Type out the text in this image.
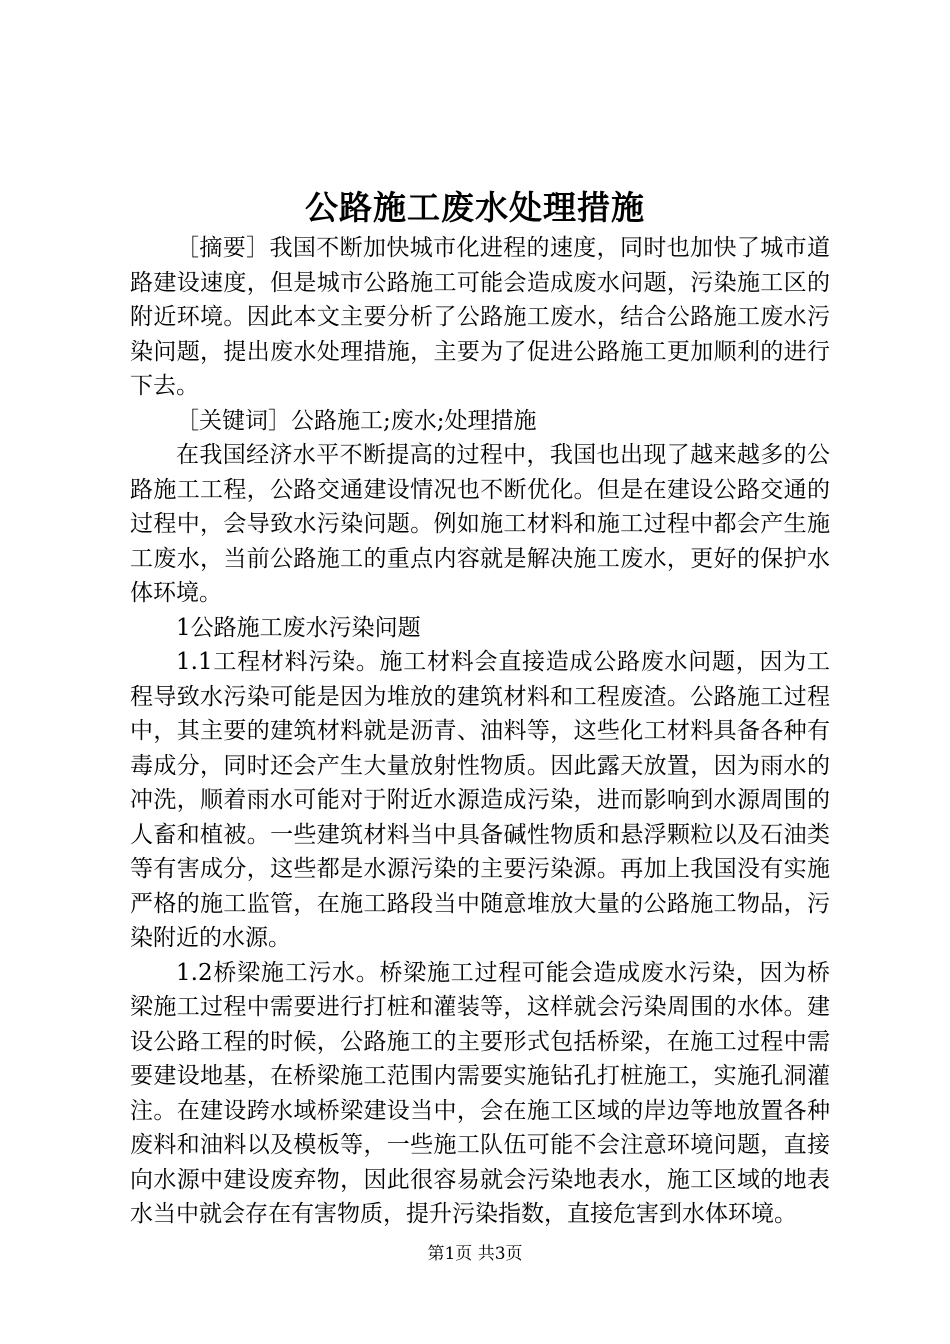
公路施工废水处理措施

［摘要］我国不断加快城市化进程的速度，同时也加快了城市道路建设速度，但是城市公路施工可能会造成废水问题，污染施工区的附近环境。因此本文主要分析了公路施工废水，结合公路施工废水污染问题，提出废水处理措施，主要为了促进公路施工更加顺利的进行下去。

［关键词］公路施工;废水;处理措施

在我国经济水平不断提高的过程中，我国也出现了越来越多的公路施工工程，公路交通建设情况也不断优化。但是在建设公路交通的过程中，会导致水污染问题。例如施工材料和施工过程中都会产生施工废水，当前公路施工的重点内容就是解决施工废水，更好的保护水体环境。

1公路施工废水污染问题

1.1工程材料污染。施工材料会直接造成公路废水问题，因为工程导致水污染可能是因为堆放的建筑材料和工程废渣。公路施工过程中，其主要的建筑材料就是沥青、油料等，这些化工材料具备各种有毒成分，同时还会产生大量放射性物质。因此露天放置，因为雨水的冲洗，顺着雨水可能对于附近水源造成污染，进而影响到水源周围的人畜和植被。一些建筑材料当中具备碱性物质和悬浮颗粒以及石油类等有害成分，这些都是水源污染的主要污染源。再加上我国没有实施严格的施工监管，在施工路段当中随意堆放大量的公路施工物品，污染附近的水源。

1.2桥梁施工污水。桥梁施工过程可能会造成废水污染，因为桥梁施工过程中需要进行打桩和灌装等，这样就会污染周围的水体。建设公路工程的时候，公路施工的主要形式包括桥梁，在施工过程中需要建设地基，在桥梁施工范围内需要实施钻孔打桩施工，实施孔洞灌注。在建设跨水域桥梁建设当中，会在施工区域的岸边等地放置各种废料和油料以及模板等，一些施工队伍可能不会注意环境问题，直接向水源中建设废弃物，因此很容易就会污染地表水，施工区域的地表水当中就会存在有害物质，提升污染指数，直接危害到水体环境。

第1页 共3页
